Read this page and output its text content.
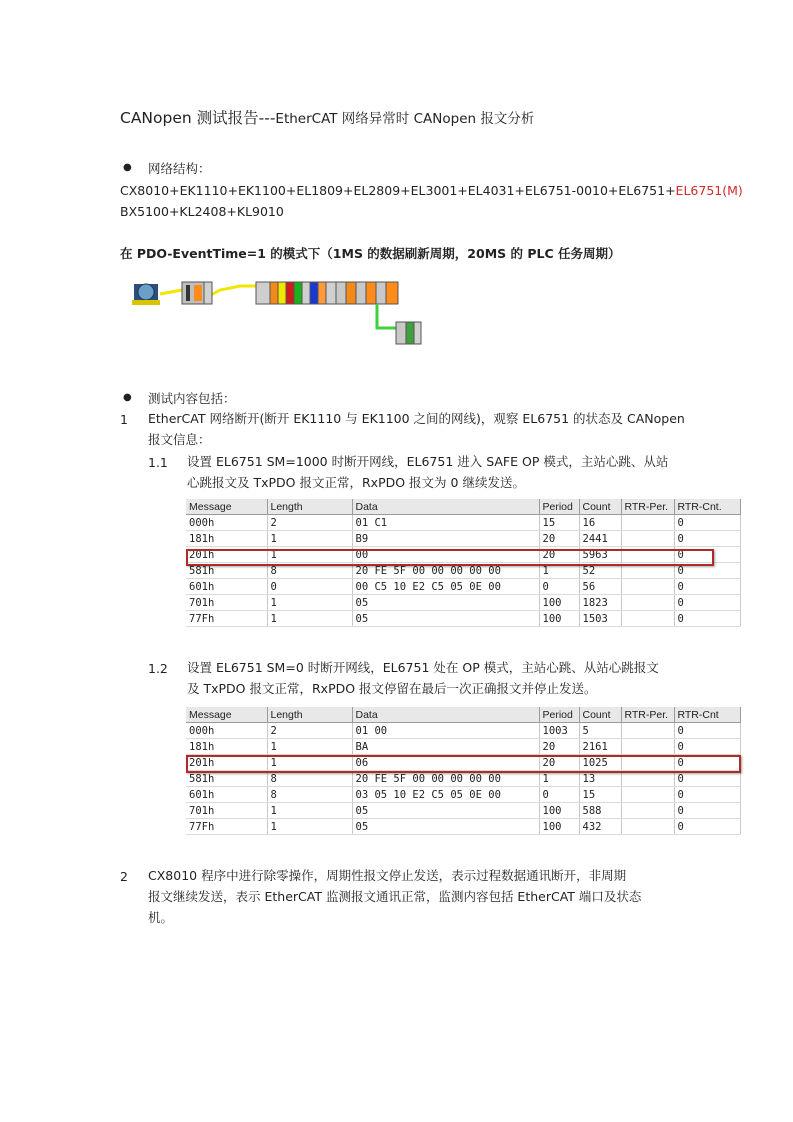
CANopen 测试报告---EtherCAT 网络异常时 CANopen 报文分析
● 网络结构：
CX8010+EK1110+EK1100+EL1809+EL2809+EL3001+EL4031+EL6751-0010+EL6751+EL6751(M)
BX5100+KL2408+KL9010
在 PDO-EventTime=1 的模式下（1MS 的数据刷新周期，20MS 的 PLC 任务周期）
● 测试内容包括：
1 EtherCAT 网络断开(断开 EK1110 与 EK1100 之间的网线)，观察 EL6751 的状态及 CANopen
报文信息：
1.1 设置 EL6751 SM=1000 时断开网线，EL6751 进入 SAFE OP 模式，主站心跳、从站
心跳报文及 TxPDO 报文正常，RxPDO 报文为 0 继续发送。
Message	Length	Data	Period	Count	RTR-Per.	RTR-Cnt.
000h	2	01 C1	15	16		0
181h	1	B9	20	2441		0
201h	1	00	20	5963		0
581h	8	20 FE 5F 00 00 00 00 00	1	52		0
601h	0	00 C5 10 E2 C5 05 0E 00	0	56		0
701h	1	05	100	1823		0
77Fh	1	05	100	1503		0
1.2 设置 EL6751 SM=0 时断开网线，EL6751 处在 OP 模式，主站心跳、从站心跳报文
及 TxPDO 报文正常，RxPDO 报文停留在最后一次正确报文并停止发送。
Message	Length	Data	Period	Count	RTR-Per.	RTR-Cnt
000h	2	01 00	1003	5		0
181h	1	BA	20	2161		0
201h	1	06	20	1025		0
581h	8	20 FE 5F 00 00 00 00 00	1	13		0
601h	8	03 05 10 E2 C5 05 0E 00	0	15		0
701h	1	05	100	588		0
77Fh	1	05	100	432		0
2 CX8010 程序中进行除零操作，周期性报文停止发送，表示过程数据通讯断开，非周期
报文继续发送，表示 EtherCAT 监测报文通讯正常，监测内容包括 EtherCAT 端口及状态
机。
